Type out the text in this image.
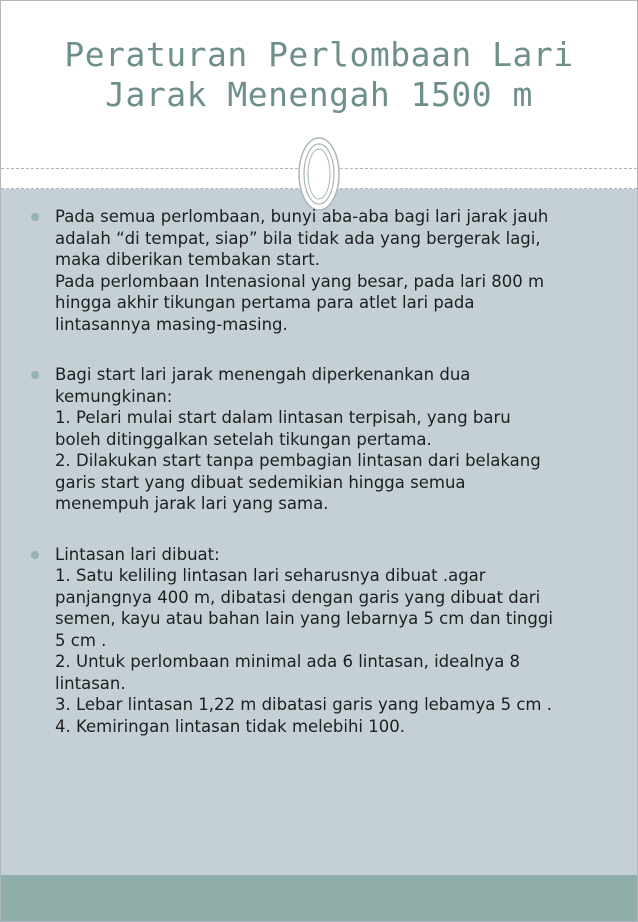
Peraturan Perlombaan Lari
Jarak Menengah 1500 m
Pada semua perlombaan, bunyi aba-aba bagi lari jarak jauh
adalah “di tempat, siap” bila tidak ada yang bergerak lagi,
maka diberikan tembakan start.
Pada perlombaan Intenasional yang besar, pada lari 800 m
hingga akhir tikungan pertama para atlet lari pada
lintasannya masing-masing.
Bagi start lari jarak menengah diperkenankan dua
kemungkinan:
1. Pelari mulai start dalam lintasan terpisah, yang baru
boleh ditinggalkan setelah tikungan pertama.
2. Dilakukan start tanpa pembagian lintasan dari belakang
garis start yang dibuat sedemikian hingga semua
menempuh jarak lari yang sama.
Lintasan lari dibuat:
1. Satu keliling lintasan lari seharusnya dibuat .agar
panjangnya 400 m, dibatasi dengan garis yang dibuat dari
semen, kayu atau bahan lain yang lebarnya 5 cm dan tinggi
5 cm .
2. Untuk perlombaan minimal ada 6 lintasan, idealnya 8
lintasan.
3. Lebar lintasan 1,22 m dibatasi garis yang lebamya 5 cm .
4. Kemiringan lintasan tidak melebihi 100.
